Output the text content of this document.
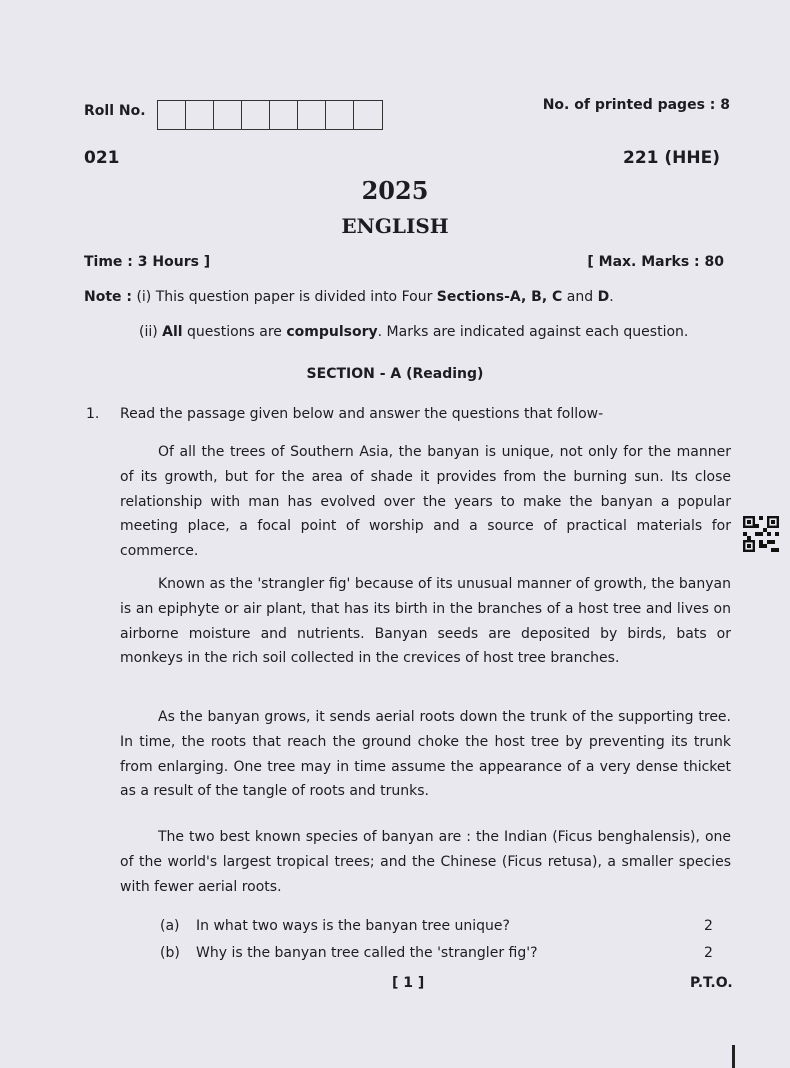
Roll No.	No. of printed pages : 8
021	221 (HHE)
2025
ENGLISH
Time : 3 Hours ]	[ Max. Marks : 80
Note : (i) This question paper is divided into Four Sections-A, B, C and D.
(ii) All questions are compulsory. Marks are indicated against each question.
SECTION - A (Reading)
1. Read the passage given below and answer the questions that follow-

Of all the trees of Southern Asia, the banyan is unique, not only for the manner of its growth, but for the area of shade it provides from the burning sun. Its close relationship with man has evolved over the years to make the banyan a popular meeting place, a focal point of worship and a source of practical materials for commerce.

Known as the 'strangler fig' because of its unusual manner of growth, the banyan is an epiphyte or air plant, that has its birth in the branches of a host tree and lives on airborne moisture and nutrients. Banyan seeds are deposited by birds, bats or monkeys in the rich soil collected in the crevices of host tree branches.

As the banyan grows, it sends aerial roots down the trunk of the supporting tree. In time, the roots that reach the ground choke the host tree by preventing its trunk from enlarging. One tree may in time assume the appearance of a very dense thicket as a result of the tangle of roots and trunks.

The two best known species of banyan are : the Indian (Ficus benghalensis), one of the world's largest tropical trees; and the Chinese (Ficus retusa), a smaller species with fewer aerial roots.

(a) In what two ways is the banyan tree unique?	2
(b) Why is the banyan tree called the 'strangler fig'?	2
[ 1 ]	P.T.O.
